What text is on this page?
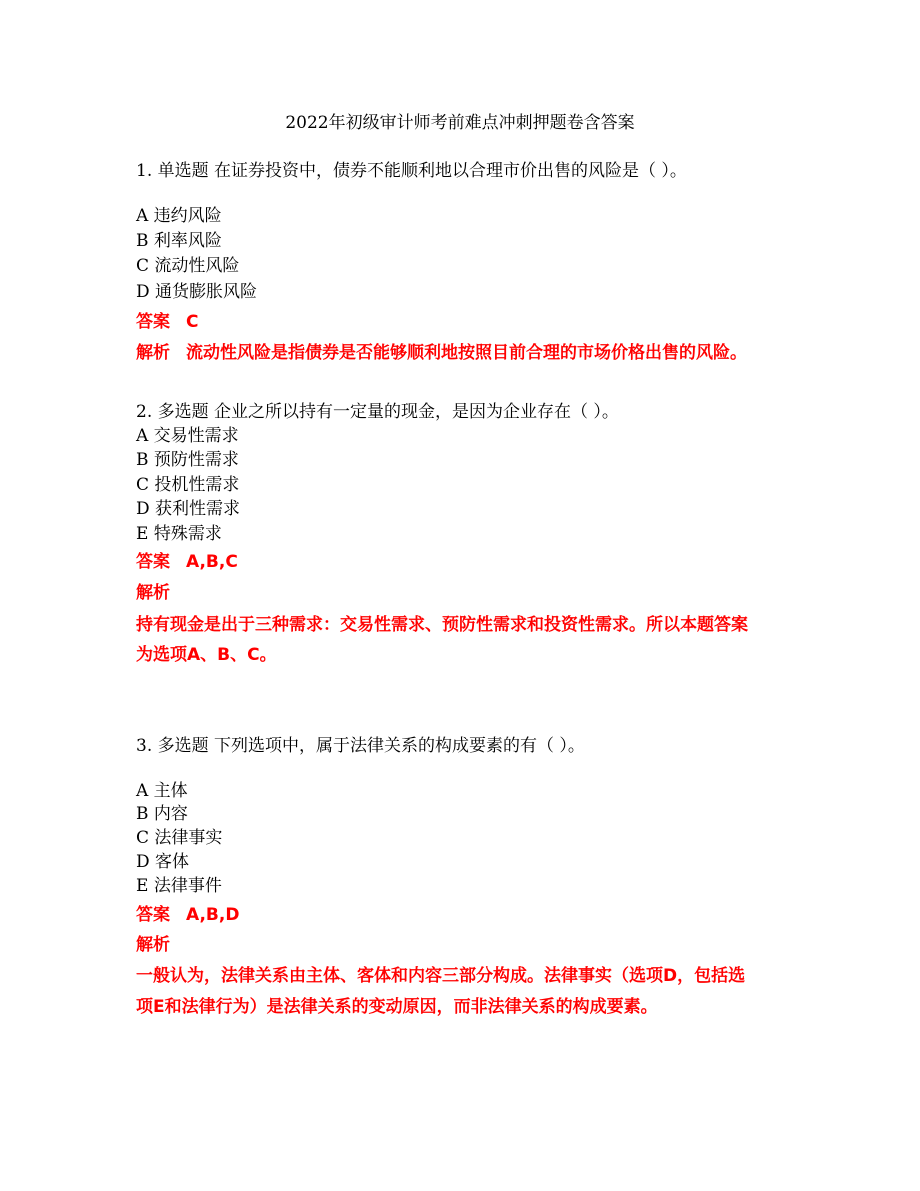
2022年初级审计师考前难点冲刺押题卷含答案
1. 单选题 在证券投资中，债券不能顺利地以合理市价出售的风险是（ ）。
A 违约风险
B 利率风险
C 流动性风险
D 通货膨胀风险
答案 C
解析 流动性风险是指债券是否能够顺利地按照目前合理的市场价格出售的风险。
2. 多选题 企业之所以持有一定量的现金，是因为企业存在（ ）。
A 交易性需求
B 预防性需求
C 投机性需求
D 获利性需求
E 特殊需求
答案 A,B,C
解析
持有现金是出于三种需求：交易性需求、预防性需求和投资性需求。所以本题答案
为选项A、B、C。
3. 多选题 下列选项中，属于法律关系的构成要素的有（ ）。
A 主体
B 内容
C 法律事实
D 客体
E 法律事件
答案 A,B,D
解析
一般认为，法律关系由主体、客体和内容三部分构成。法律事实（选项D，包括选
项E和法律行为）是法律关系的变动原因，而非法律关系的构成要素。
